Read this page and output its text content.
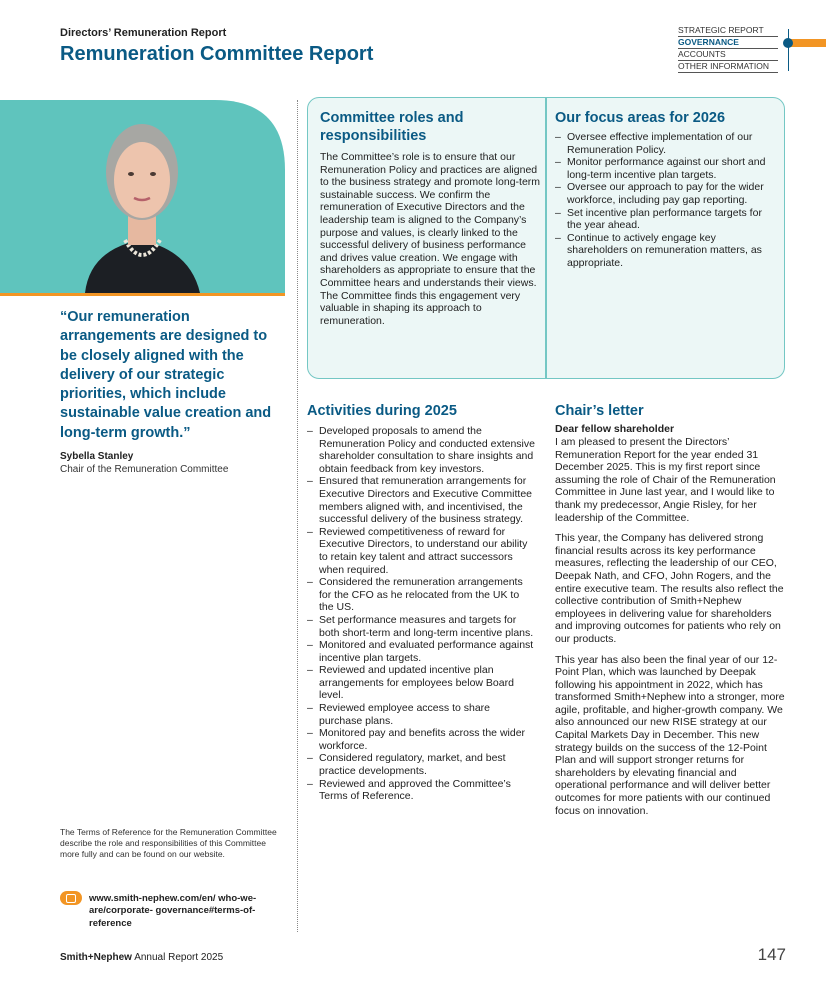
Directors’ Remuneration Report
Remuneration Committee Report
STRATEGIC REPORT
GOVERNANCE
ACCOUNTS
OTHER INFORMATION
“Our remuneration arrangements are designed to be closely aligned with the delivery of our strategic priorities, which include sustainable value creation and long-term growth.”
Sybella Stanley
Chair of the Remuneration Committee
The Terms of Reference for the Remuneration Committee describe the role and responsibilities of this Committee more fully and can be found on our website.
www.smith-nephew.com/en/ who-we-are/corporate- governance#terms-of-reference
Committee roles and responsibilities
The Committee’s role is to ensure that our Remuneration Policy and practices are aligned to the business strategy and promote long-term sustainable success. We confirm the remuneration of Executive Directors and the leadership team is aligned to the Company’s purpose and values, is clearly linked to the successful delivery of business performance and drives value creation. We engage with shareholders as appropriate to ensure that the Committee hears and understands their views. The Committee finds this engagement very valuable in shaping its approach to remuneration.
Our focus areas for 2026
– Oversee effective implementation of our Remuneration Policy.
– Monitor performance against our short and long-term incentive plan targets.
– Oversee our approach to pay for the wider workforce, including pay gap reporting.
– Set incentive plan performance targets for the year ahead.
– Continue to actively engage key shareholders on remuneration matters, as appropriate.
Activities during 2025
– Developed proposals to amend the Remuneration Policy and conducted extensive shareholder consultation to share insights and obtain feedback from key investors.
– Ensured that remuneration arrangements for Executive Directors and Executive Committee members aligned with, and incentivised, the successful delivery of the business strategy.
– Reviewed competitiveness of reward for Executive Directors, to understand our ability to retain key talent and attract successors when required.
– Considered the remuneration arrangements for the CFO as he relocated from the UK to the US.
– Set performance measures and targets for both short-term and long-term incentive plans.
– Monitored and evaluated performance against incentive plan targets.
– Reviewed and updated incentive plan arrangements for employees below Board level.
– Reviewed employee access to share purchase plans.
– Monitored pay and benefits across the wider workforce.
– Considered regulatory, market, and best practice developments.
– Reviewed and approved the Committee’s Terms of Reference.
Chair’s letter
Dear fellow shareholder

I am pleased to present the Directors’ Remuneration Report for the year ended 31 December 2025. This is my first report since assuming the role of Chair of the Remuneration Committee in June last year, and I would like to thank my predecessor, Angie Risley, for her leadership of the Committee.

This year, the Company has delivered strong financial results across its key performance measures, reflecting the leadership of our CEO, Deepak Nath, and CFO, John Rogers, and the entire executive team. The results also reflect the collective contribution of Smith+Nephew employees in delivering value for shareholders and improving outcomes for patients who rely on our products.

This year has also been the final year of our 12-Point Plan, which was launched by Deepak following his appointment in 2022, which has transformed Smith+Nephew into a stronger, more agile, profitable, and higher-growth company. We also announced our new RISE strategy at our Capital Markets Day in December. This new strategy builds on the success of the 12-Point Plan and will support stronger returns for shareholders by elevating financial and operational performance and will deliver better outcomes for more patients with our continued focus on innovation.

Smith+Nephew Annual Report 2025	147
